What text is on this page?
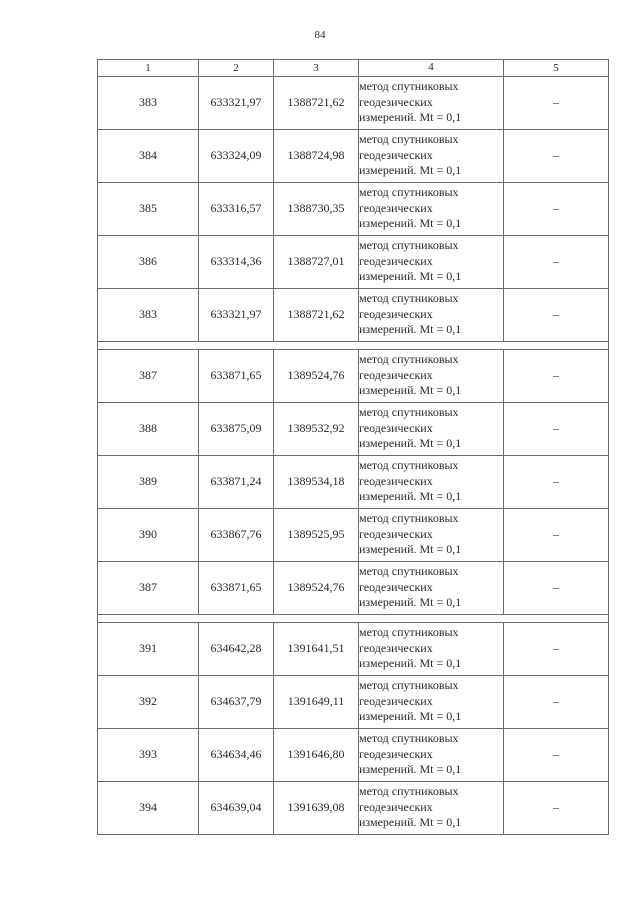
84
1	2	3	4	5
383	633321,97	1388721,62	метод спутниковых
геодезических
измерений. Mt = 0,1	–
384	633324,09	1388724,98	метод спутниковых
геодезических
измерений. Mt = 0,1	–
385	633316,57	1388730,35	метод спутниковых
геодезических
измерений. Mt = 0,1	–
386	633314,36	1388727,01	метод спутниковых
геодезических
измерений. Mt = 0,1	–
383	633321,97	1388721,62	метод спутниковых
геодезических
измерений. Mt = 0,1	–

387	633871,65	1389524,76	метод спутниковых
геодезических
измерений. Mt = 0,1	–
388	633875,09	1389532,92	метод спутниковых
геодезических
измерений. Mt = 0,1	–
389	633871,24	1389534,18	метод спутниковых
геодезических
измерений. Mt = 0,1	–
390	633867,76	1389525,95	метод спутниковых
геодезических
измерений. Mt = 0,1	–
387	633871,65	1389524,76	метод спутниковых
геодезических
измерений. Mt = 0,1	–

391	634642,28	1391641,51	метод спутниковых
геодезических
измерений. Mt = 0,1	–
392	634637,79	1391649,11	метод спутниковых
геодезических
измерений. Mt = 0,1	–
393	634634,46	1391646,80	метод спутниковых
геодезических
измерений. Mt = 0,1	–
394	634639,04	1391639,08	метод спутниковых
геодезических
измерений. Mt = 0,1	–
